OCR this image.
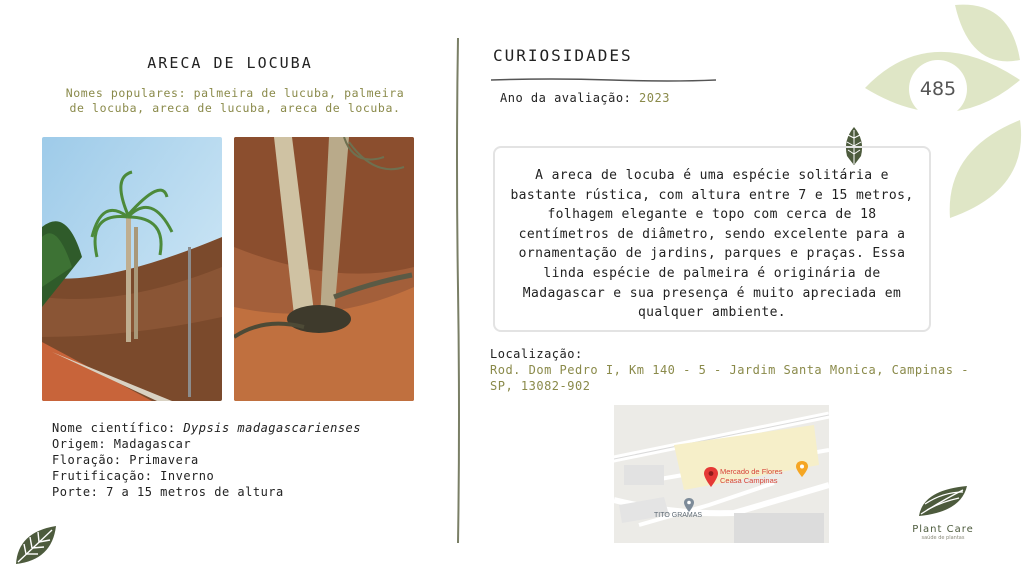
ARECA DE LOCUBA
Nomes populares: palmeira de lucuba, palmeira de locuba, areca de lucuba, areca de locuba.
Nome científico: Dypsis madagascarienses
Origem: Madagascar
Floração: Primavera
Frutificação: Inverno
Porte: 7 a 15 metros de altura
CURIOSIDADES
Ano da avaliação: 2023
A areca de locuba é uma espécie solitária e bastante rústica, com altura entre 7 e 15 metros, folhagem elegante e topo com cerca de 18 centímetros de diâmetro, sendo excelente para a ornamentação de jardins, parques e praças. Essa linda espécie de palmeira é originária de Madagascar e sua presença é muito apreciada em qualquer ambiente.
Localização:
Rod. Dom Pedro I, Km 140 - 5 - Jardim Santa Monica, Campinas - SP, 13082-902
Mercado de Flores
Ceasa Campinas
TITO GRAMAS
485
Plant Care
saúde de plantas
